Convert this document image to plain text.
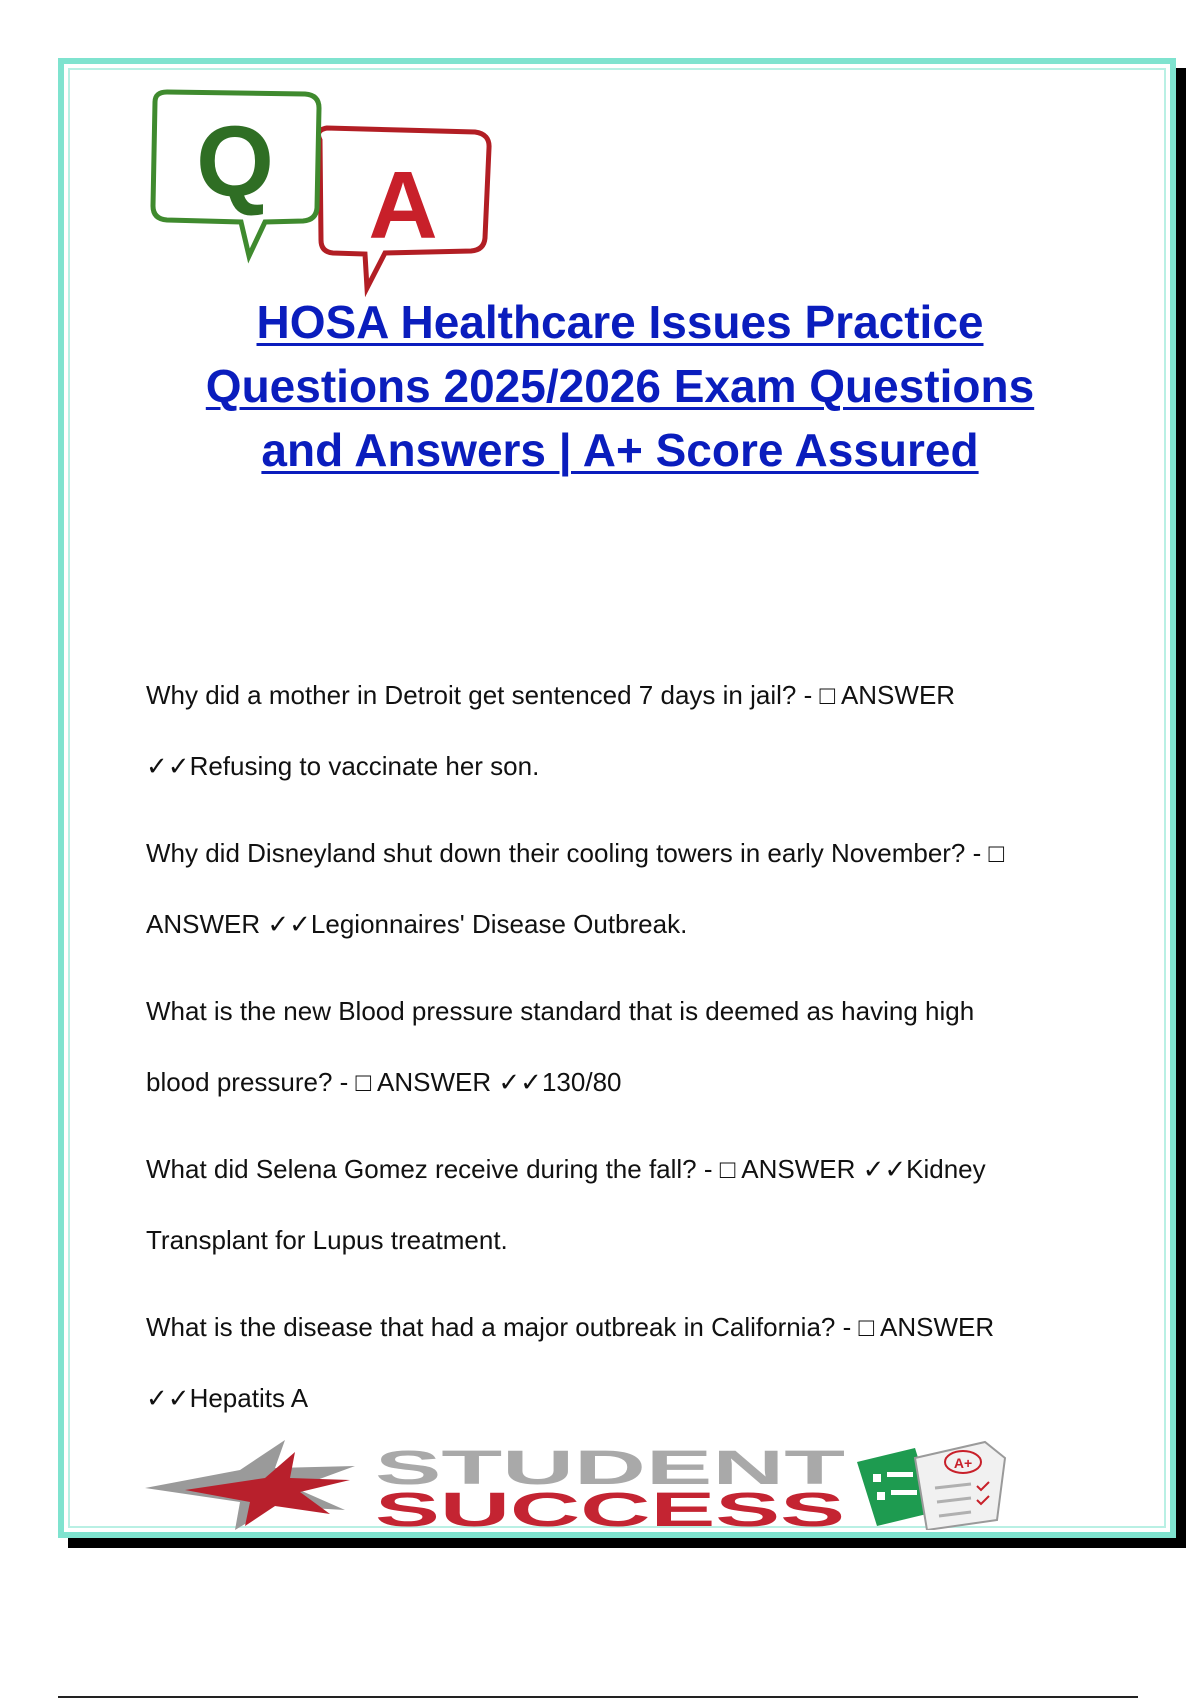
A
Q
HOSA Healthcare Issues Practice
Questions 2025/2026 Exam Questions
and Answers | A+ Score Assured

Why did a mother in Detroit get sentenced 7 days in jail? - □ ANSWER
✓✓Refusing to vaccinate her son.

Why did Disneyland shut down their cooling towers in early November? - □
ANSWER ✓✓Legionnaires' Disease Outbreak.

What is the new Blood pressure standard that is deemed as having high
blood pressure? - □ ANSWER ✓✓130/80

What did Selena Gomez receive during the fall? - □ ANSWER ✓✓Kidney
Transplant for Lupus treatment.

What is the disease that had a major outbreak in California? - □ ANSWER
✓✓Hepatits A

STUDENT
SUCCESS
A+
